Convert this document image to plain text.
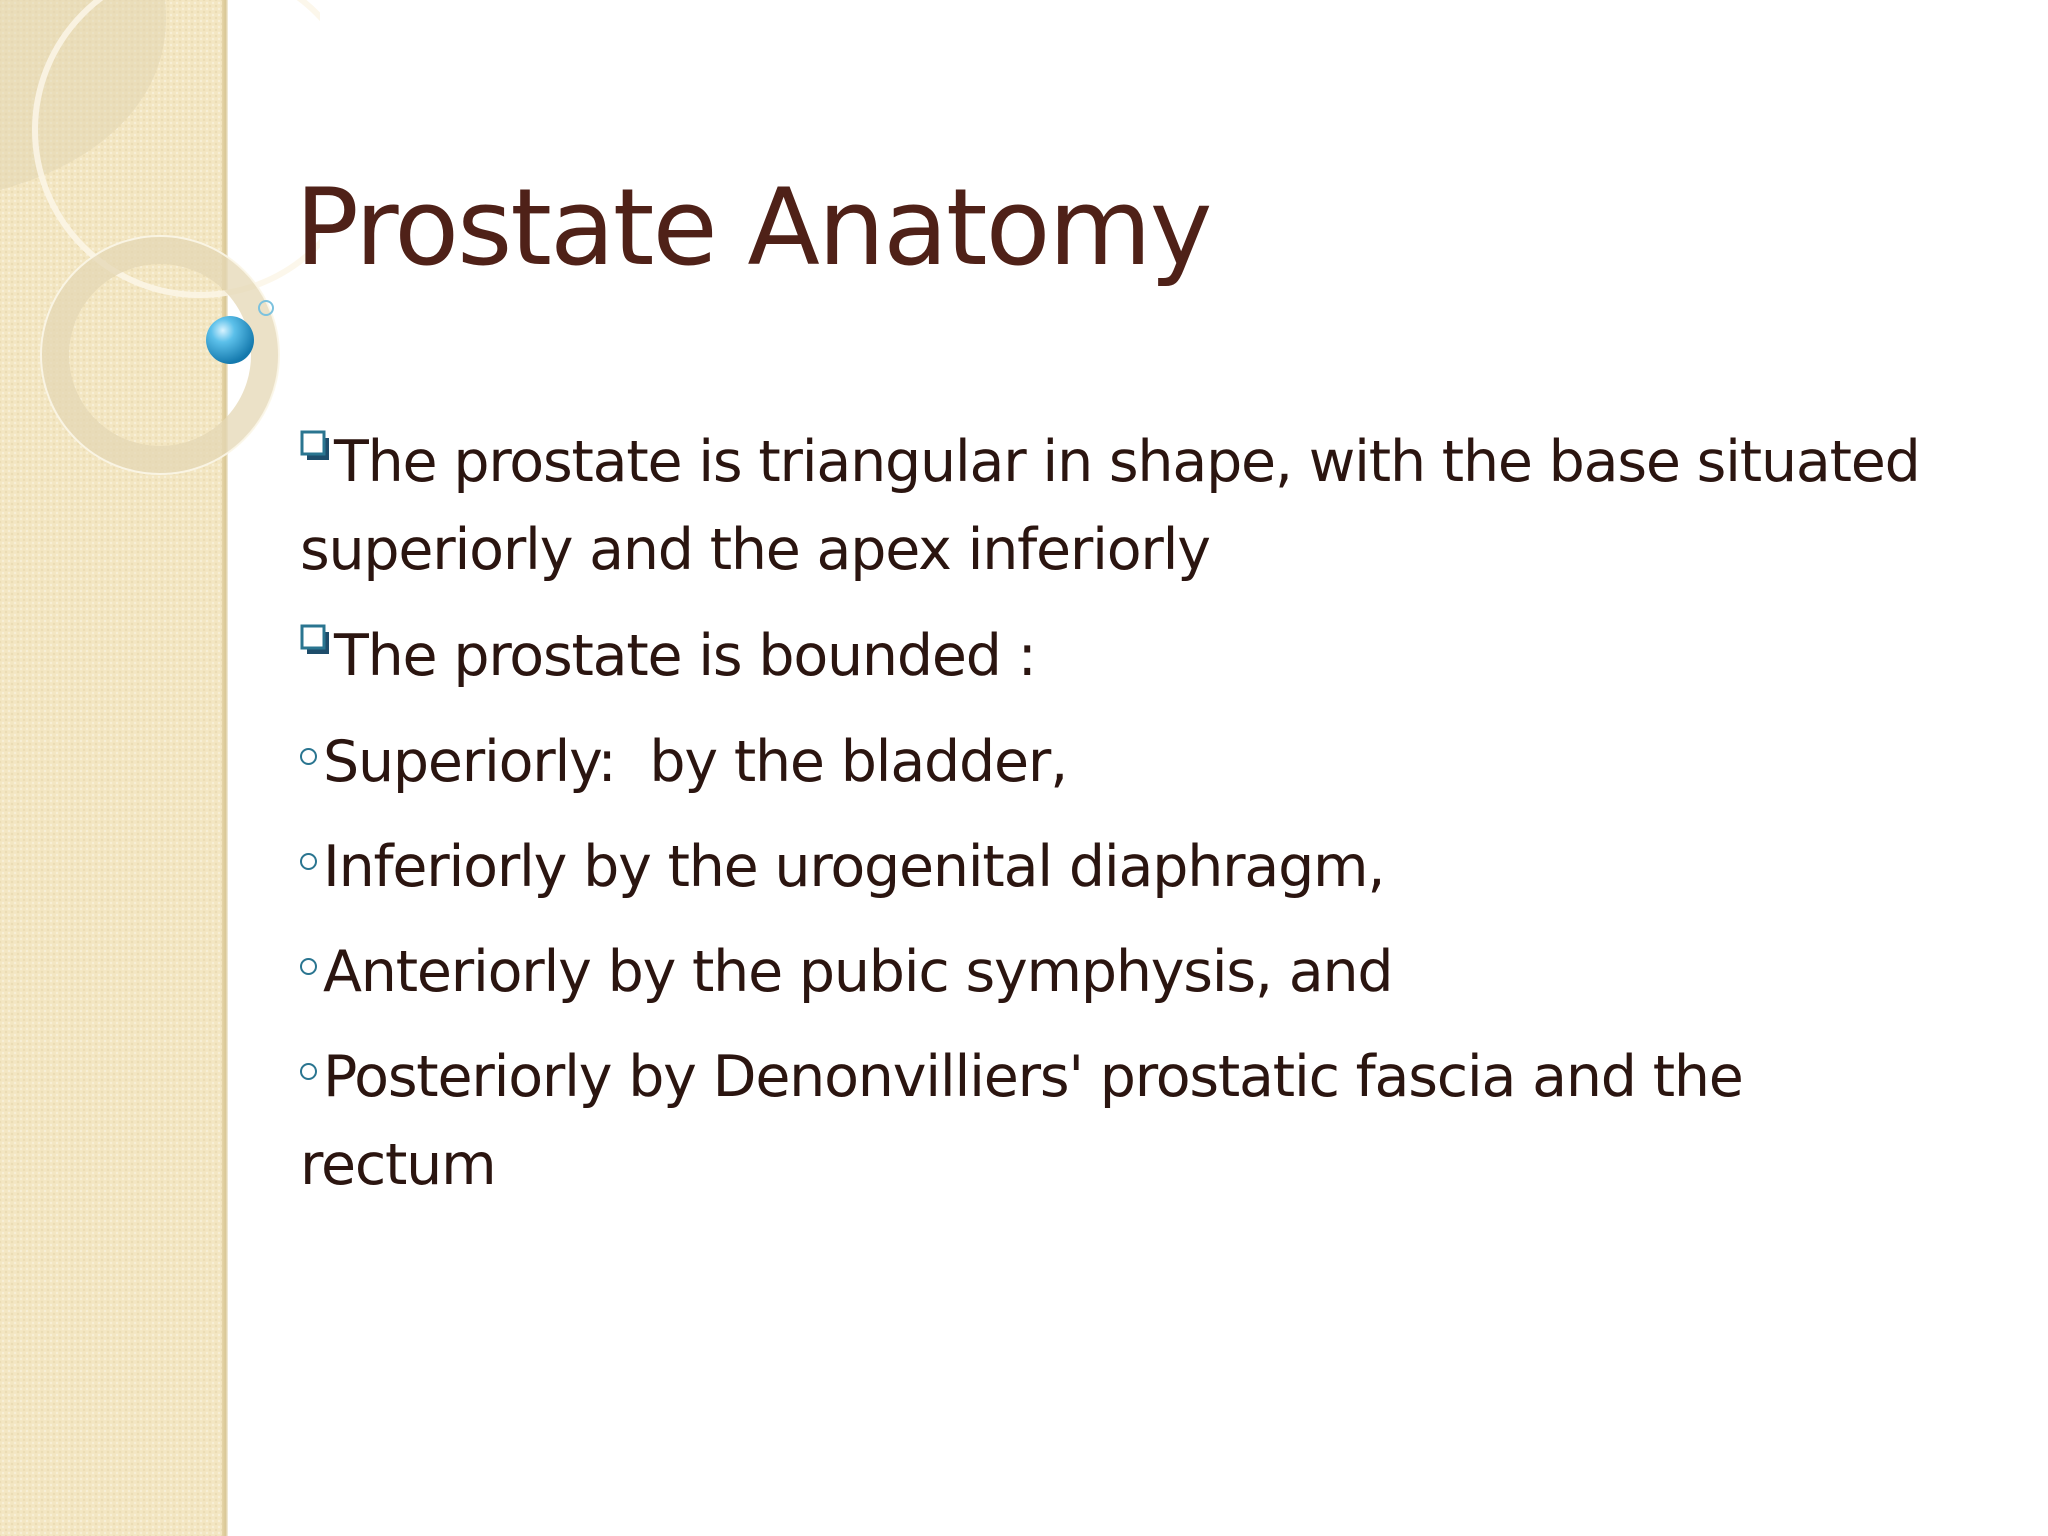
Prostate Anatomy

The prostate is triangular in shape, with the base situated superiorly and the apex inferiorly

The prostate is bounded :

Superiorly:  by the bladder,

Inferiorly by the urogenital diaphragm,

Anteriorly by the pubic symphysis, and

Posteriorly by Denonvilliers' prostatic fascia and the rectum
